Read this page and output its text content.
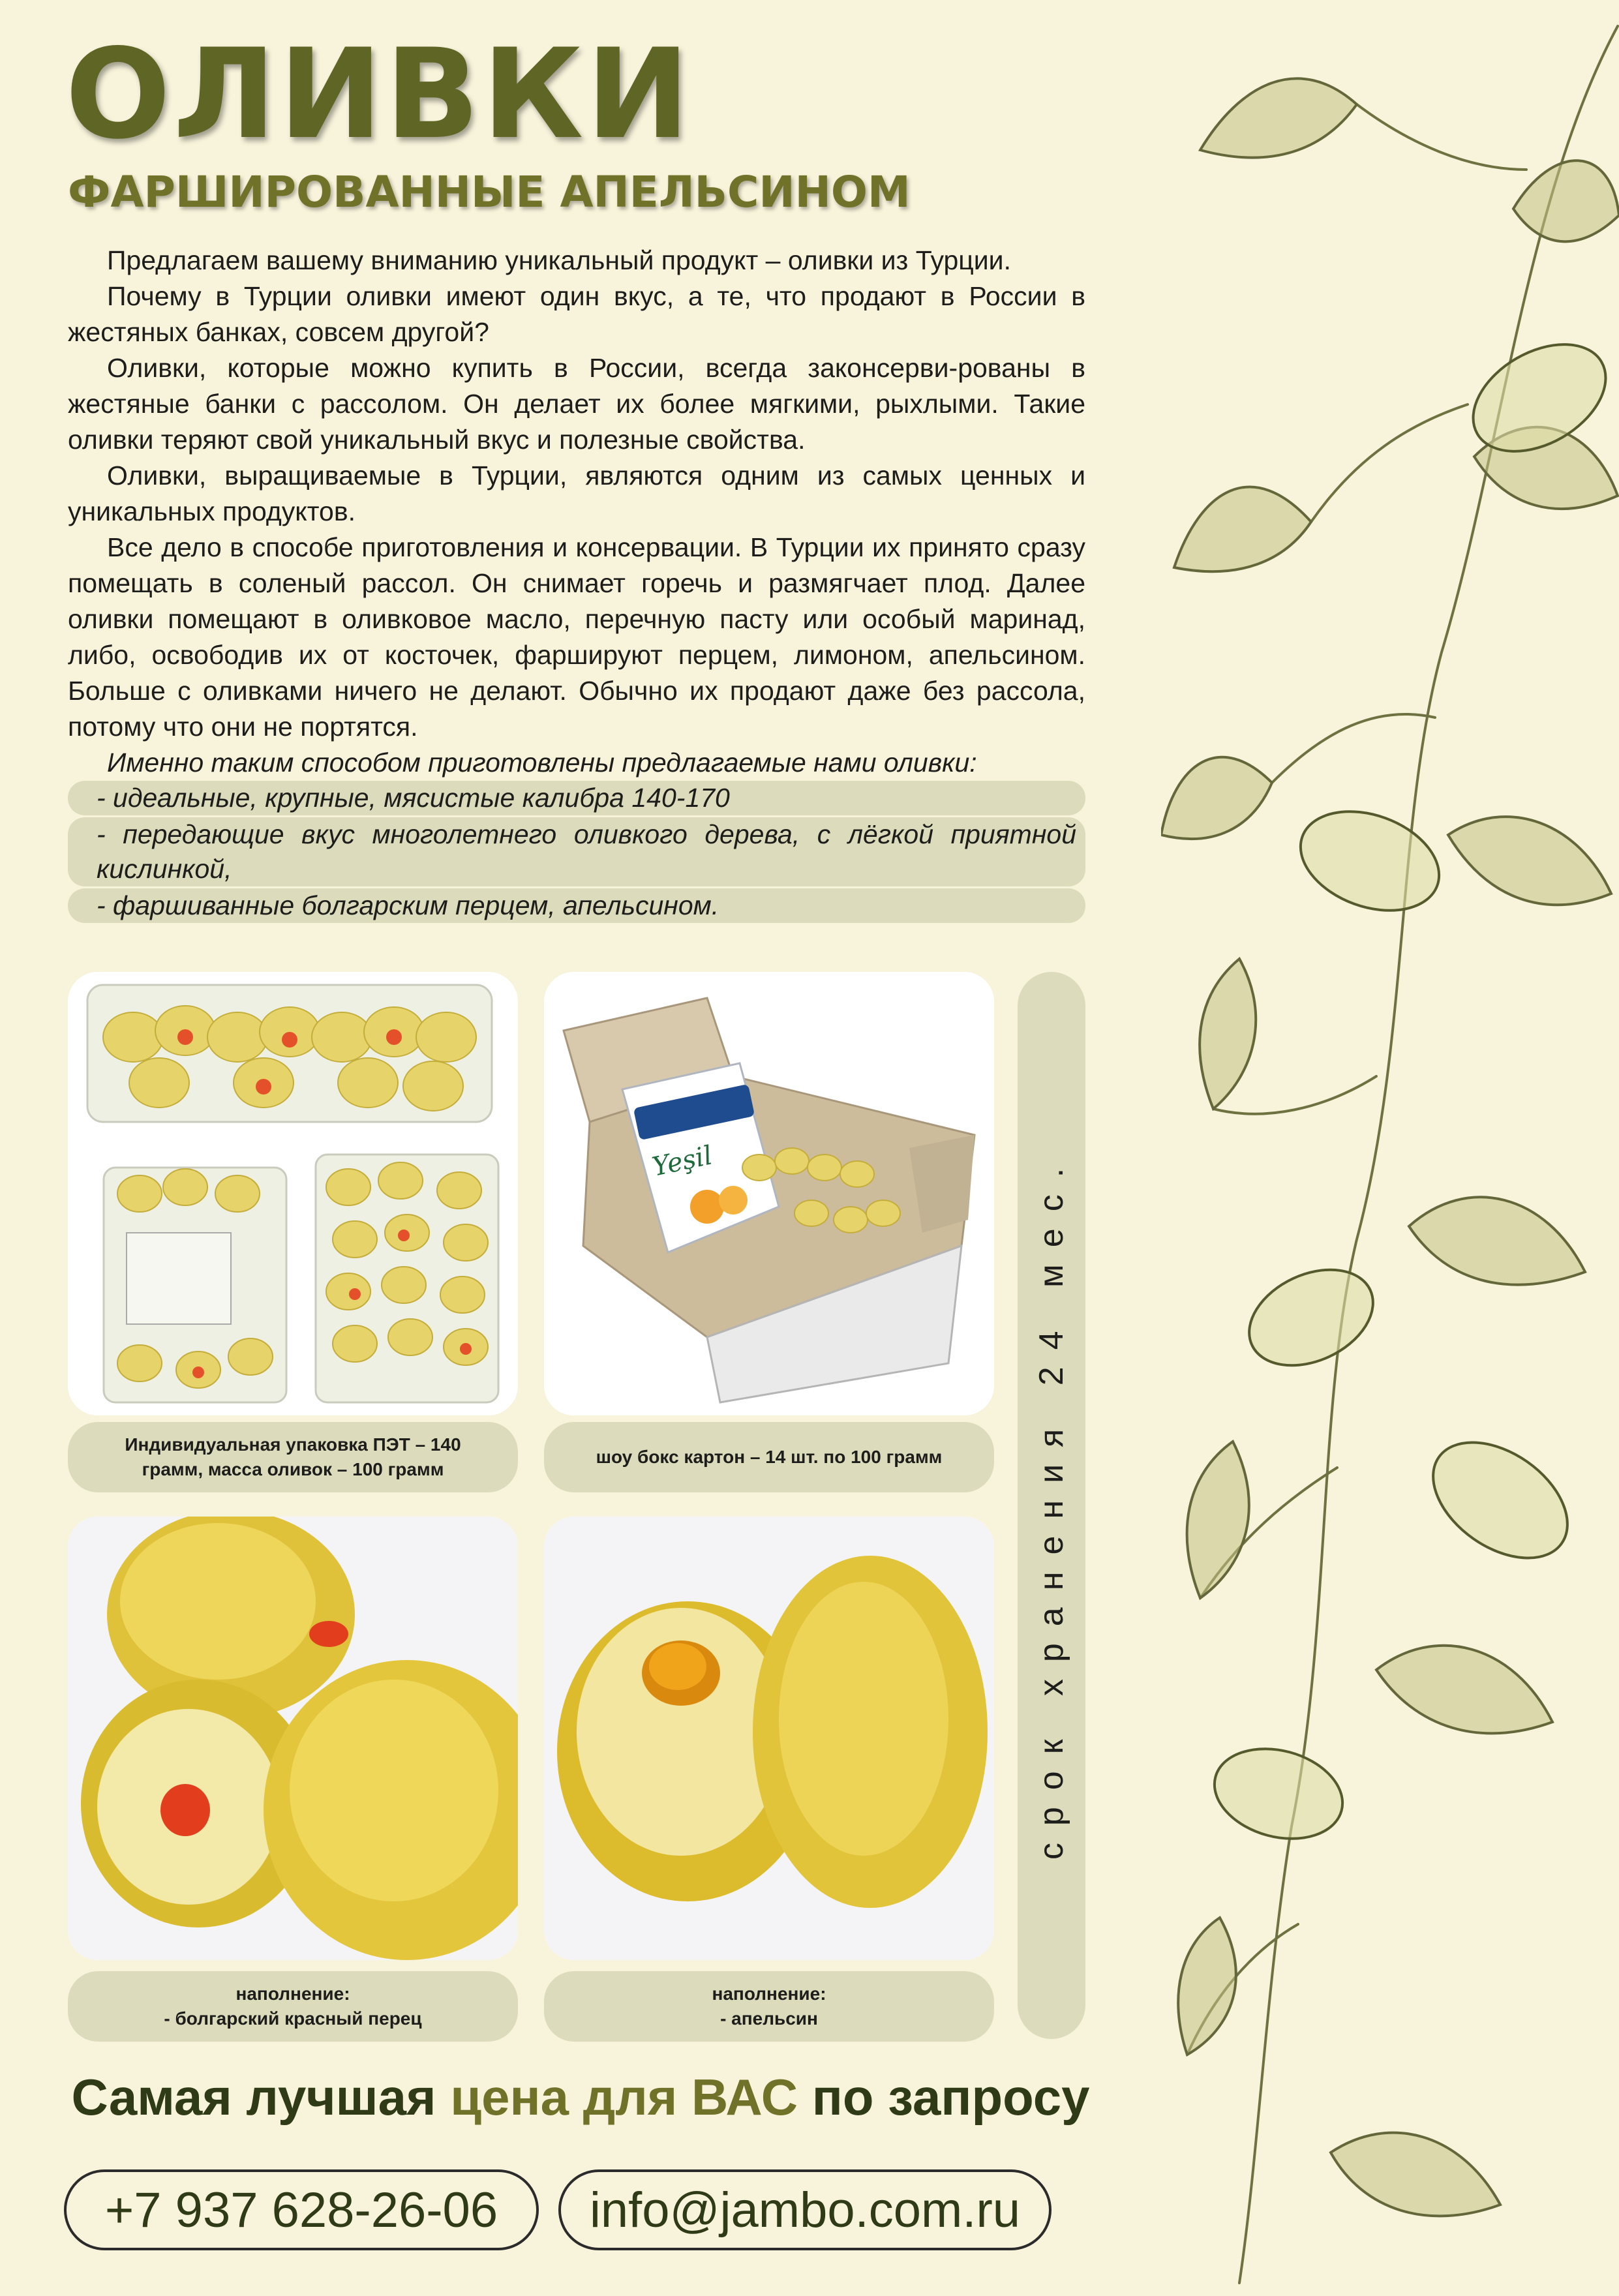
ОЛИВКИ
ФАРШИРОВАННЫЕ АПЕЛЬСИНОМ

Предлагаем вашему вниманию уникальный продукт – оливки из Турции.

Почему в Турции оливки имеют один вкус, а те, что продают в России в жестяных банках, совсем другой?

Оливки, которые можно купить в России, всегда законсерви-рованы в жестяные банки с рассолом. Он делает их более мягкими, рыхлыми. Такие оливки теряют свой уникальный вкус и полезные свойства.

Оливки, выращиваемые в Турции, являются одним из самых ценных и уникальных продуктов.

Все дело в способе приготовления и консервации. В Турции их принято сразу помещать в соленый рассол. Он снимает горечь и размягчает плод. Далее оливки помещают в оливковое масло, перечную пасту или особый маринад, либо, освободив их от косточек, фаршируют перцем, лимоном, апельсином. Больше с оливками ничего не делают. Обычно их продают даже без рассола, потому что они не портятся.

Именно таким способом приготовлены предлагаемые нами оливки:

- идеальные, крупные, мясистые калибра 140-170
- передающие вкус многолетнего оливкого дерева, с лёгкой приятной кислинкой,
- фаршиванные болгарским перцем, апельсином.
Индивидуальная упаковка ПЭТ – 140 грамм, масса оливок – 100 грамм
Yeşil
шоу бокс картон – 14 шт. по 100 грамм
наполнение:
- болгарский красный перец
наполнение:
- апельсин
срок хранения 24 мес.
Самая лучшая цена для ВАС по запросу
+7 937 628-26-06 info@jambo.com.ru
